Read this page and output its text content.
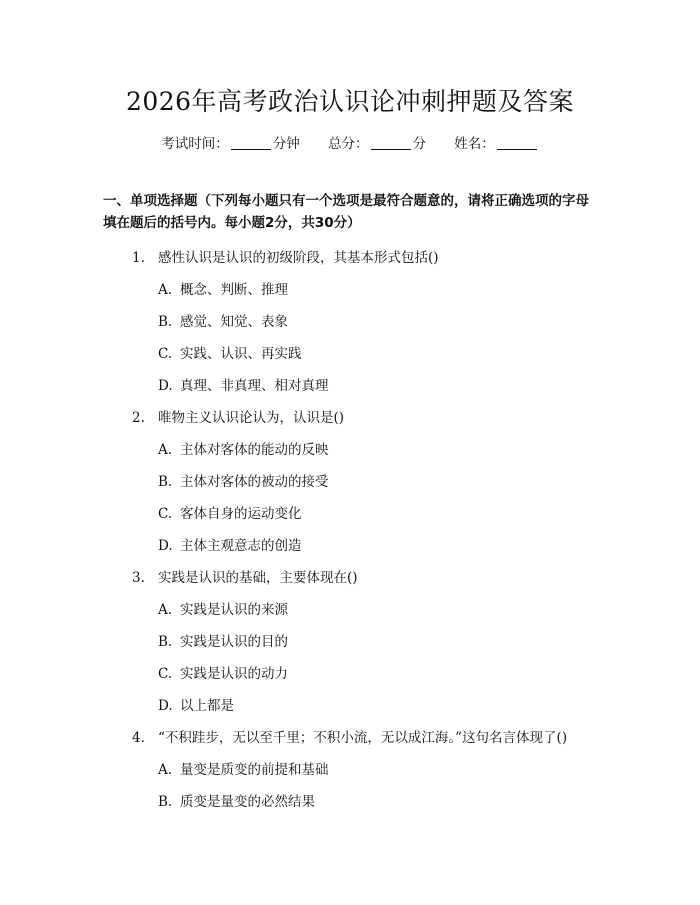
2026年高考政治认识论冲刺押题及答案
考试时间：	分钟 总分：	分 姓名：
一、单项选择题（下列每小题只有一个选项是最符合题意的，请将正确选项的字母填在题后的括号内。每小题2分，共30分）
1. 感性认识是认识的初级阶段，其基本形式包括()
A. 概念、判断、推理
B. 感觉、知觉、表象
C. 实践、认识、再实践
D. 真理、非真理、相对真理
2. 唯物主义认识论认为，认识是()
A. 主体对客体的能动的反映
B. 主体对客体的被动的接受
C. 客体自身的运动变化
D. 主体主观意志的创造
3. 实践是认识的基础，主要体现在()
A. 实践是认识的来源
B. 实践是认识的目的
C. 实践是认识的动力
D. 以上都是
4. “不积跬步，无以至千里；不积小流，无以成江海。”这句名言体现了()
A. 量变是质变的前提和基础
B. 质变是量变的必然结果
